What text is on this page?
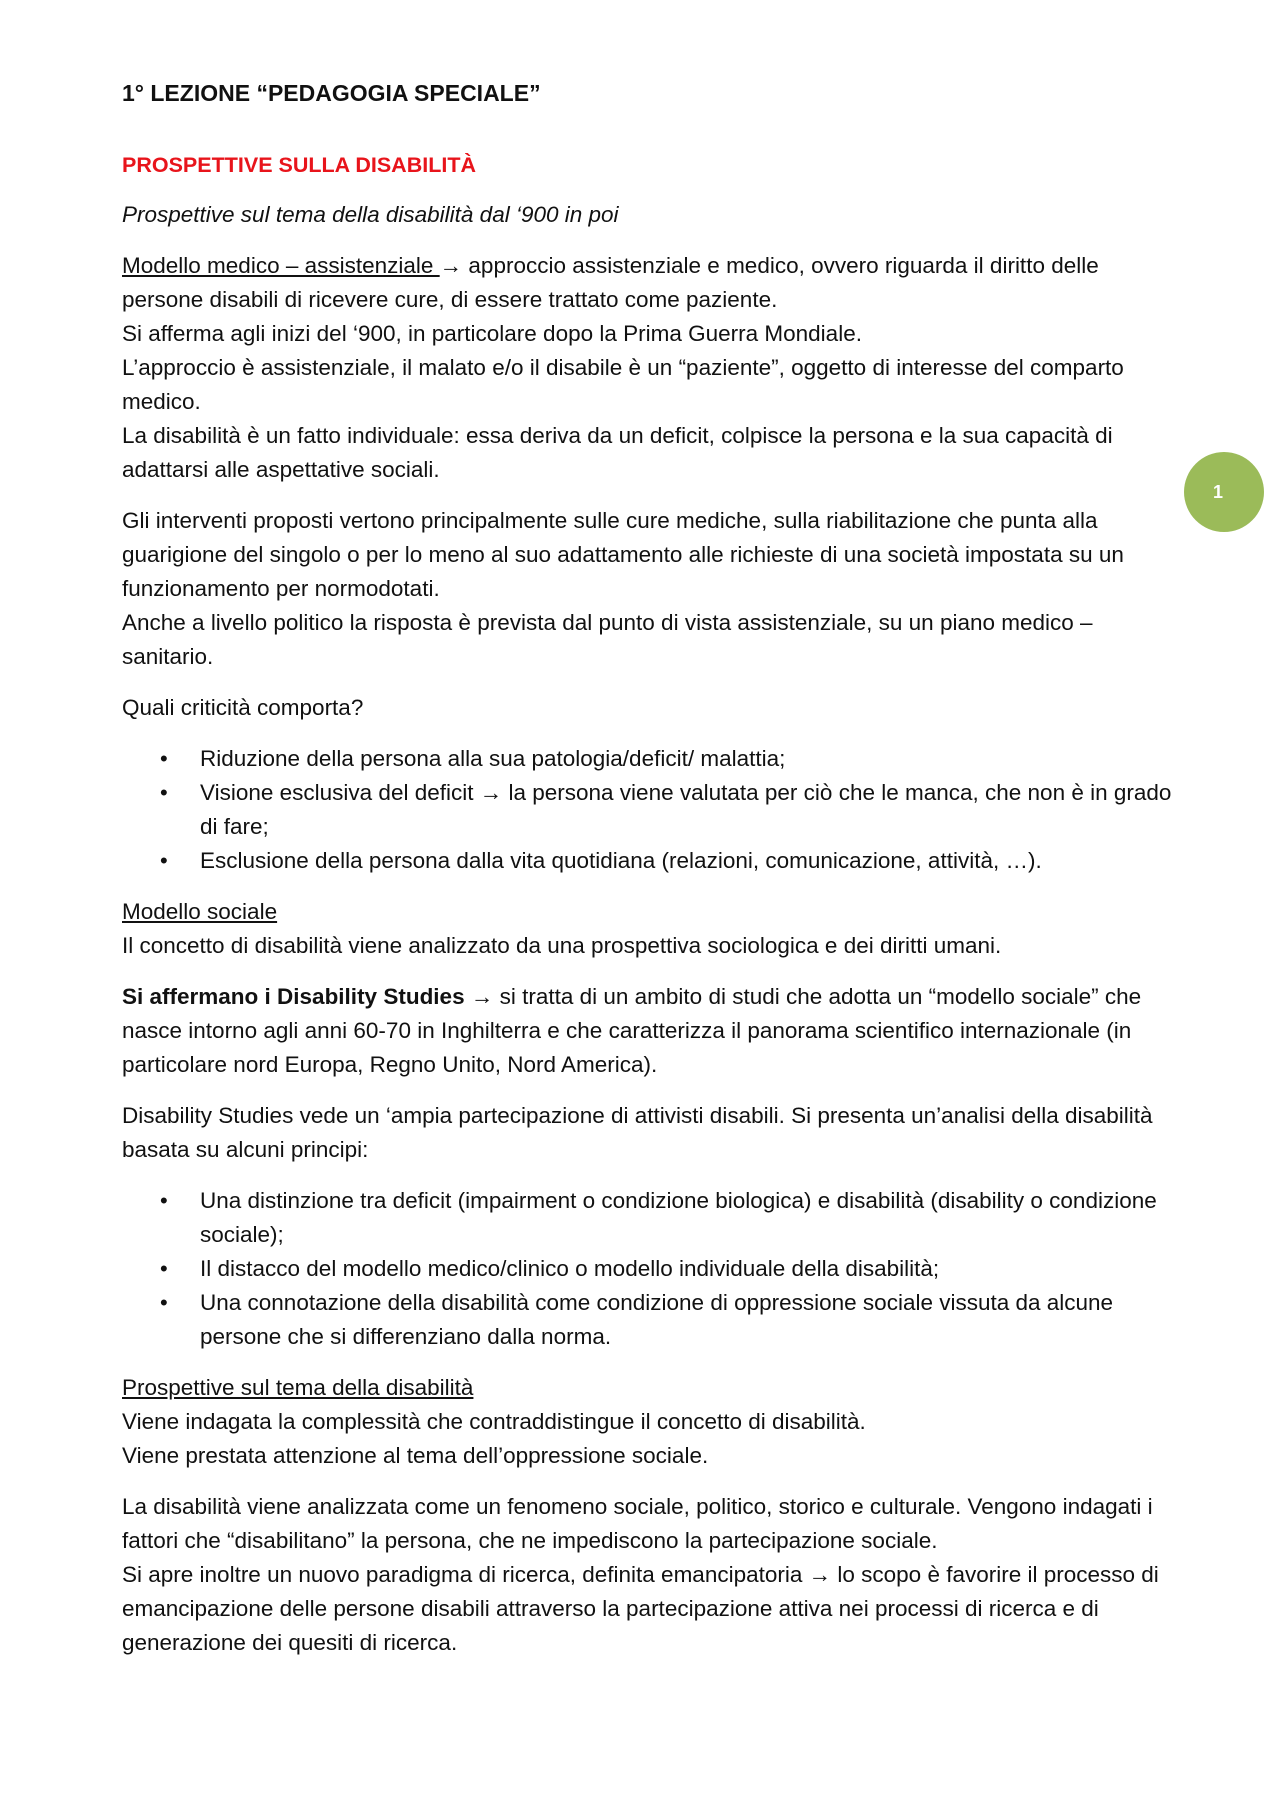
1° LEZIONE “PEDAGOGIA SPECIALE”
PROSPETTIVE SULLA DISABILITÀ

Prospettive sul tema della disabilità dal ‘900 in poi

Modello medico – assistenziale → approccio assistenziale e medico, ovvero riguarda il diritto delle persone disabili di ricevere cure, di essere trattato come paziente.
Si afferma agli inizi del ‘900, in particolare dopo la Prima Guerra Mondiale.
L’approccio è assistenziale, il malato e/o il disabile è un “paziente”, oggetto di interesse del comparto medico.
La disabilità è un fatto individuale: essa deriva da un deficit, colpisce la persona e la sua capacità di adattarsi alle aspettative sociali.

Gli interventi proposti vertono principalmente sulle cure mediche, sulla riabilitazione che punta alla guarigione del singolo o per lo meno al suo adattamento alle richieste di una società impostata su un funzionamento per normodotati.
Anche a livello politico la risposta è prevista dal punto di vista assistenziale, su un piano medico – sanitario.

Quali criticità comporta?

• Riduzione della persona alla sua patologia/deficit/ malattia;
• Visione esclusiva del deficit → la persona viene valutata per ciò che le manca, che non è in grado di fare;
• Esclusione della persona dalla vita quotidiana (relazioni, comunicazione, attività, …).

Modello sociale
Il concetto di disabilità viene analizzato da una prospettiva sociologica e dei diritti umani.

Si affermano i Disability Studies → si tratta di un ambito di studi che adotta un “modello sociale” che nasce intorno agli anni 60-70 in Inghilterra e che caratterizza il panorama scientifico internazionale (in particolare nord Europa, Regno Unito, Nord America).

Disability Studies vede un ‘ampia partecipazione di attivisti disabili. Si presenta un’analisi della disabilità basata su alcuni principi:

• Una distinzione tra deficit (impairment o condizione biologica) e disabilità (disability o condizione sociale);
• Il distacco del modello medico/clinico o modello individuale della disabilità;
• Una connotazione della disabilità come condizione di oppressione sociale vissuta da alcune persone che si differenziano dalla norma.

Prospettive sul tema della disabilità
Viene indagata la complessità che contraddistingue il concetto di disabilità.
Viene prestata attenzione al tema dell’oppressione sociale.

La disabilità viene analizzata come un fenomeno sociale, politico, storico e culturale. Vengono indagati i fattori che “disabilitano” la persona, che ne impediscono la partecipazione sociale.
Si apre inoltre un nuovo paradigma di ricerca, definita emancipatoria → lo scopo è favorire il processo di emancipazione delle persone disabili attraverso la partecipazione attiva nei processi di ricerca e di generazione dei quesiti di ricerca.

1
